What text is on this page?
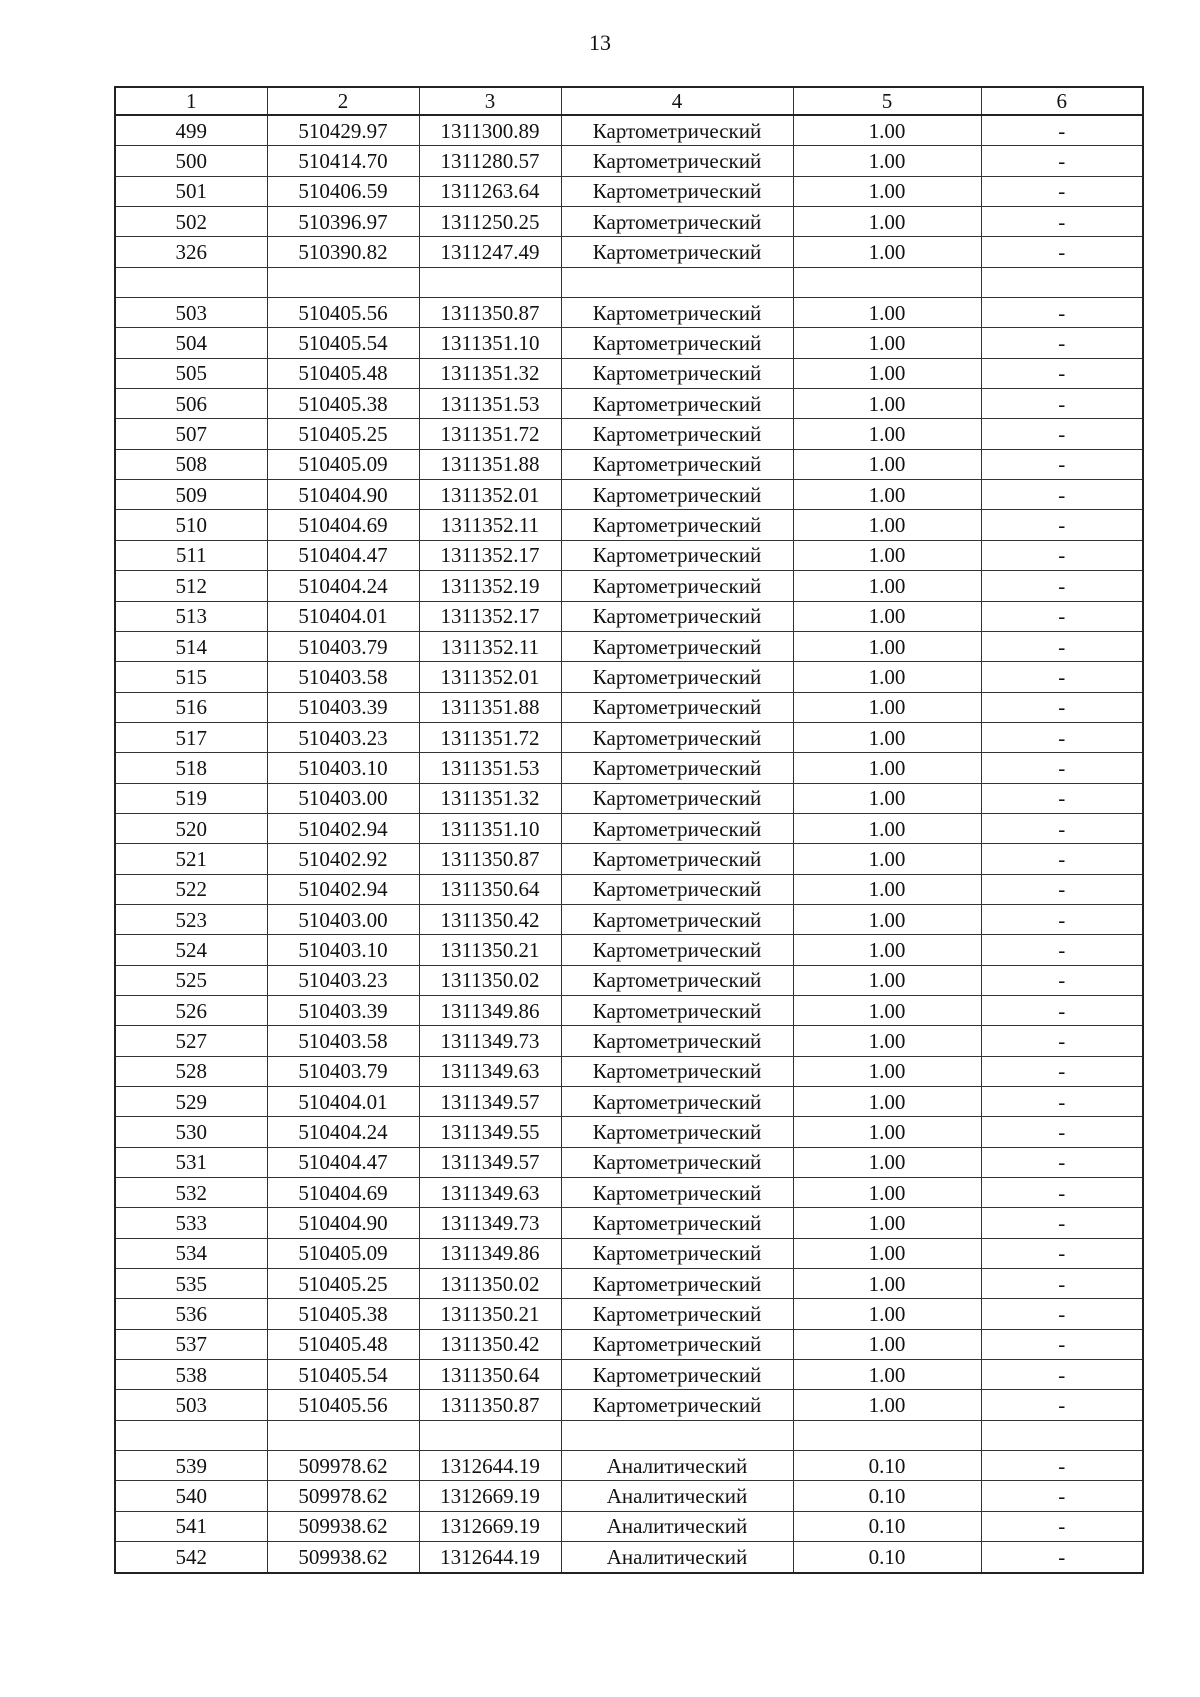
13
1	2	3	4	5	6
499	510429.97	1311300.89	Картометрический	1.00	-
500	510414.70	1311280.57	Картометрический	1.00	-
501	510406.59	1311263.64	Картометрический	1.00	-
502	510396.97	1311250.25	Картометрический	1.00	-
326	510390.82	1311247.49	Картометрический	1.00	-

503	510405.56	1311350.87	Картометрический	1.00	-
504	510405.54	1311351.10	Картометрический	1.00	-
505	510405.48	1311351.32	Картометрический	1.00	-
506	510405.38	1311351.53	Картометрический	1.00	-
507	510405.25	1311351.72	Картометрический	1.00	-
508	510405.09	1311351.88	Картометрический	1.00	-
509	510404.90	1311352.01	Картометрический	1.00	-
510	510404.69	1311352.11	Картометрический	1.00	-
511	510404.47	1311352.17	Картометрический	1.00	-
512	510404.24	1311352.19	Картометрический	1.00	-
513	510404.01	1311352.17	Картометрический	1.00	-
514	510403.79	1311352.11	Картометрический	1.00	-
515	510403.58	1311352.01	Картометрический	1.00	-
516	510403.39	1311351.88	Картометрический	1.00	-
517	510403.23	1311351.72	Картометрический	1.00	-
518	510403.10	1311351.53	Картометрический	1.00	-
519	510403.00	1311351.32	Картометрический	1.00	-
520	510402.94	1311351.10	Картометрический	1.00	-
521	510402.92	1311350.87	Картометрический	1.00	-
522	510402.94	1311350.64	Картометрический	1.00	-
523	510403.00	1311350.42	Картометрический	1.00	-
524	510403.10	1311350.21	Картометрический	1.00	-
525	510403.23	1311350.02	Картометрический	1.00	-
526	510403.39	1311349.86	Картометрический	1.00	-
527	510403.58	1311349.73	Картометрический	1.00	-
528	510403.79	1311349.63	Картометрический	1.00	-
529	510404.01	1311349.57	Картометрический	1.00	-
530	510404.24	1311349.55	Картометрический	1.00	-
531	510404.47	1311349.57	Картометрический	1.00	-
532	510404.69	1311349.63	Картометрический	1.00	-
533	510404.90	1311349.73	Картометрический	1.00	-
534	510405.09	1311349.86	Картометрический	1.00	-
535	510405.25	1311350.02	Картометрический	1.00	-
536	510405.38	1311350.21	Картометрический	1.00	-
537	510405.48	1311350.42	Картометрический	1.00	-
538	510405.54	1311350.64	Картометрический	1.00	-
503	510405.56	1311350.87	Картометрический	1.00	-

539	509978.62	1312644.19	Аналитический	0.10	-
540	509978.62	1312669.19	Аналитический	0.10	-
541	509938.62	1312669.19	Аналитический	0.10	-
542	509938.62	1312644.19	Аналитический	0.10	-
